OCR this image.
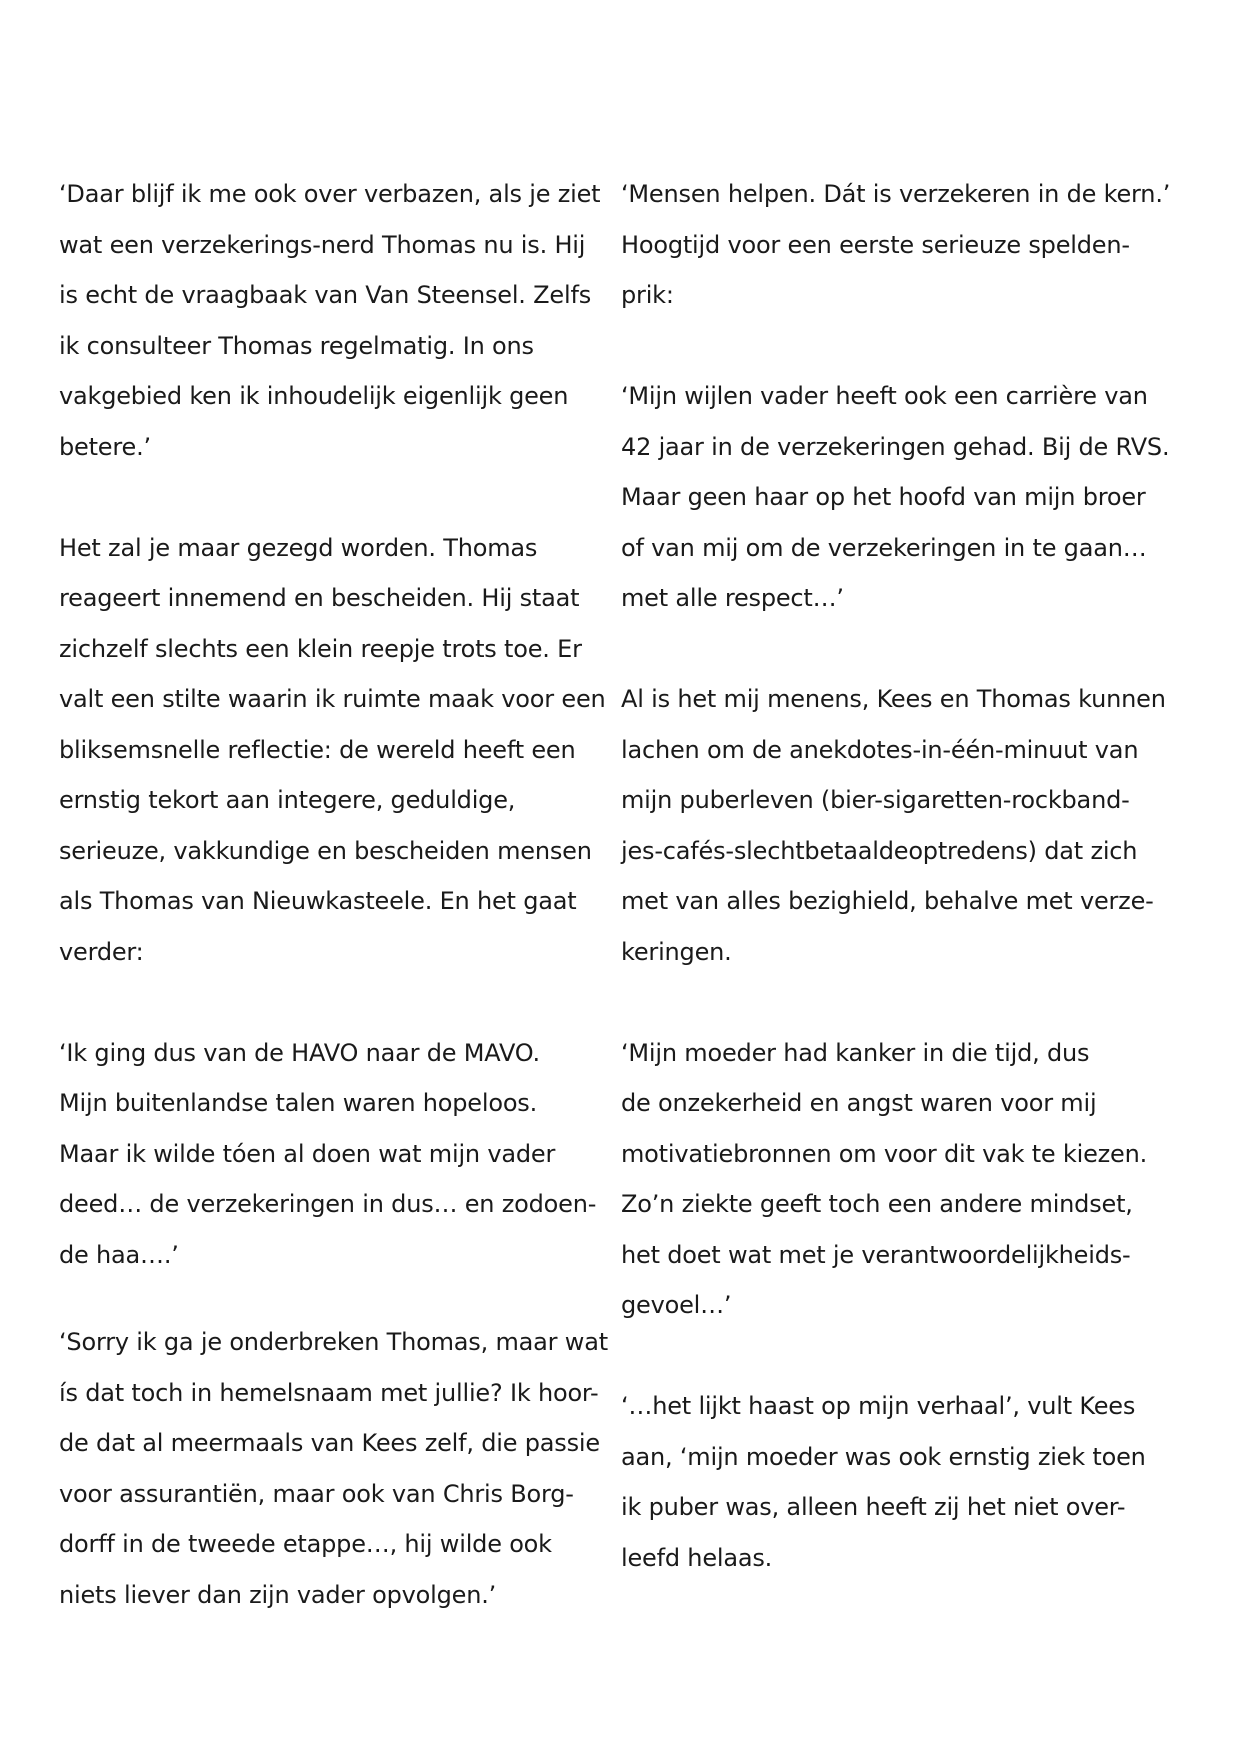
‘Daar blijf ik me ook over verbazen, als je ziet
wat een verzekerings-nerd Thomas nu is. Hij
is echt de vraagbaak van Van Steensel. Zelfs
ik consulteer Thomas regelmatig. In ons
vakgebied ken ik inhoudelijk eigenlijk geen
betere.’
Het zal je maar gezegd worden. Thomas
reageert innemend en bescheiden. Hij staat
zichzelf slechts een klein reepje trots toe. Er
valt een stilte waarin ik ruimte maak voor een
bliksemsnelle reflectie: de wereld heeft een
ernstig tekort aan integere, geduldige,
serieuze, vakkundige en bescheiden mensen
als Thomas van Nieuwkasteele. En het gaat
verder:
‘Ik ging dus van de HAVO naar de MAVO.
Mijn buitenlandse talen waren hopeloos.
Maar ik wilde tóen al doen wat mijn vader
deed… de verzekeringen in dus… en zodoen-
de haa….’
‘Sorry ik ga je onderbreken Thomas, maar wat
ís dat toch in hemelsnaam met jullie? Ik hoor-
de dat al meermaals van Kees zelf, die passie
voor assurantiën, maar ook van Chris Borg-
dorff in de tweede etappe…, hij wilde ook
niets liever dan zijn vader opvolgen.’
‘Mensen helpen. Dát is verzekeren in de kern.’
Hoogtijd voor een eerste serieuze spelden-
prik:
‘Mijn wijlen vader heeft ook een carrière van
42 jaar in de verzekeringen gehad. Bij de RVS.
Maar geen haar op het hoofd van mijn broer
of van mij om de verzekeringen in te gaan…
met alle respect…’
Al is het mij menens, Kees en Thomas kunnen
lachen om de anekdotes-in-één-minuut van
mijn puberleven (bier-sigaretten-rockband-
jes-cafés-slechtbetaaldeoptredens) dat zich
met van alles bezighield, behalve met verze-
keringen.
‘Mijn moeder had kanker in die tijd, dus
de onzekerheid en angst waren voor mij
motivatiebronnen om voor dit vak te kiezen.
Zo’n ziekte geeft toch een andere mindset,
het doet wat met je verantwoordelijkheids-
gevoel…’
‘…het lijkt haast op mijn verhaal’, vult Kees
aan, ‘mijn moeder was ook ernstig ziek toen
ik puber was, alleen heeft zij het niet over-
leefd helaas.
